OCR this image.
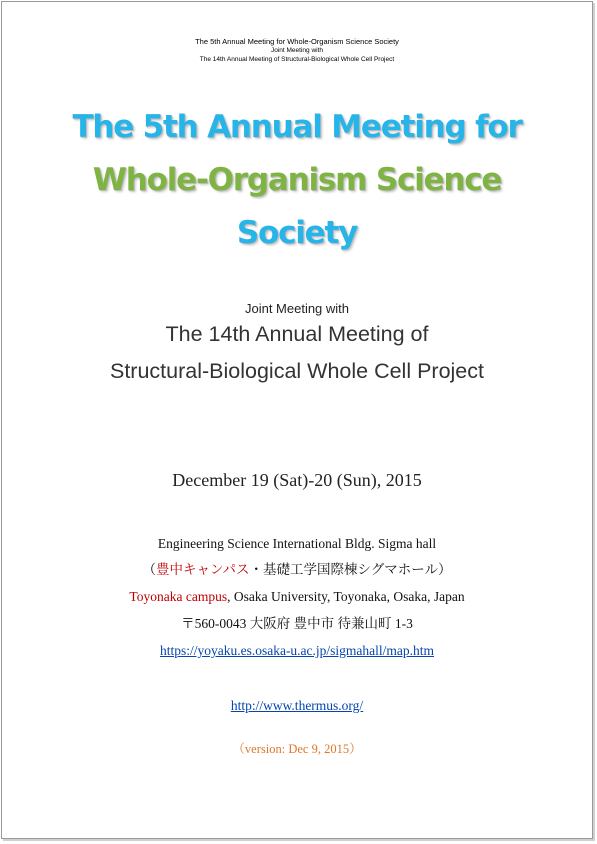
The 5th Annual Meeting for Whole-Organism Science Society
Joint Meeting with
The 14th Annual Meeting of Structural-Biological Whole Cell Project
The 5th Annual Meeting for
Whole-Organism Science
Society
Joint Meeting with
The 14th Annual Meeting of
Structural-Biological Whole Cell Project
December 19 (Sat)-20 (Sun), 2015
Engineering Science International Bldg. Sigma hall
（豊中キャンパス・基礎工学国際棟シグマホール）
Toyonaka campus, Osaka University, Toyonaka, Osaka, Japan
〒560-0043 大阪府 豊中市 待兼山町 1-3
https://yoyaku.es.osaka-u.ac.jp/sigmahall/map.htm
http://www.thermus.org/
（version: Dec 9, 2015）
